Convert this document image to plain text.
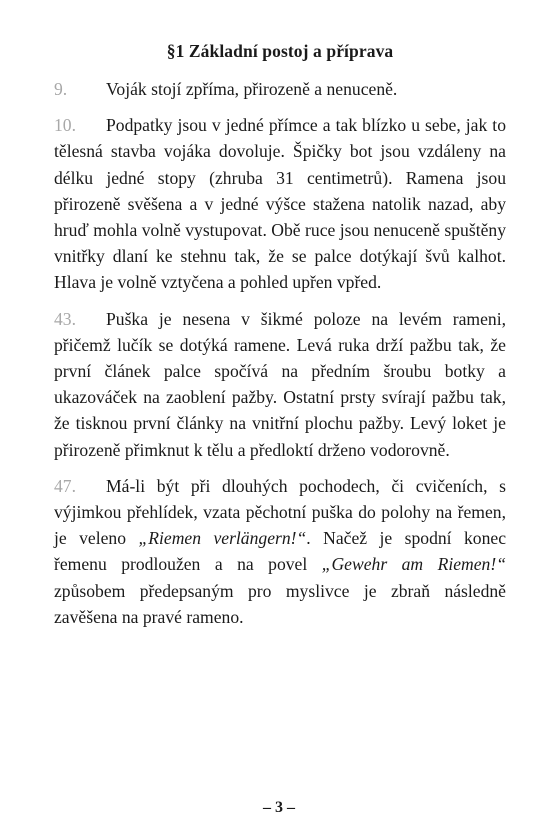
§1 Základní postoj a příprava

9. Voják stojí zpříma, přirozeně a nenuceně.

10. Podpatky jsou v jedné přímce a tak blízko u sebe, jak to tělesná stavba vojáka dovoluje. Špičky bot jsou vzdáleny na délku jedné stopy (zhruba 31 centimetrů). Ramena jsou přirozeně svěšena a v jedné výšce stažena natolik nazad, aby hruď mohla volně vystupovat. Obě ruce jsou nenuceně spuštěny vnitřky dlaní ke stehnu tak, že se palce dotýkají švů kalhot. Hlava je volně vztyčena a pohled upřen vpřed.

43. Puška je nesena v šikmé poloze na levém rameni, přičemž lučík se dotýká ramene. Levá ruka drží pažbu tak, že první článek palce spočívá na předním šroubu botky a ukazováček na zaoblení pažby. Ostatní prsty svírají pažbu tak, že tisknou první články na vnitřní plochu pažby. Levý loket je přirozeně přimknut k tělu a předloktí drženo vodorovně.

47. Má-li být při dlouhých pochodech, či cvičeních, s výjimkou přehlídek, vzata pěchotní puška do polohy na řemen, je veleno „Riemen verlängern!“. Načež je spodní konec řemenu prodloužen a na povel „Gewehr am Riemen!“ způsobem předepsaným pro myslivce je zbraň následně zavěšena na pravé rameno.

– 3 –
